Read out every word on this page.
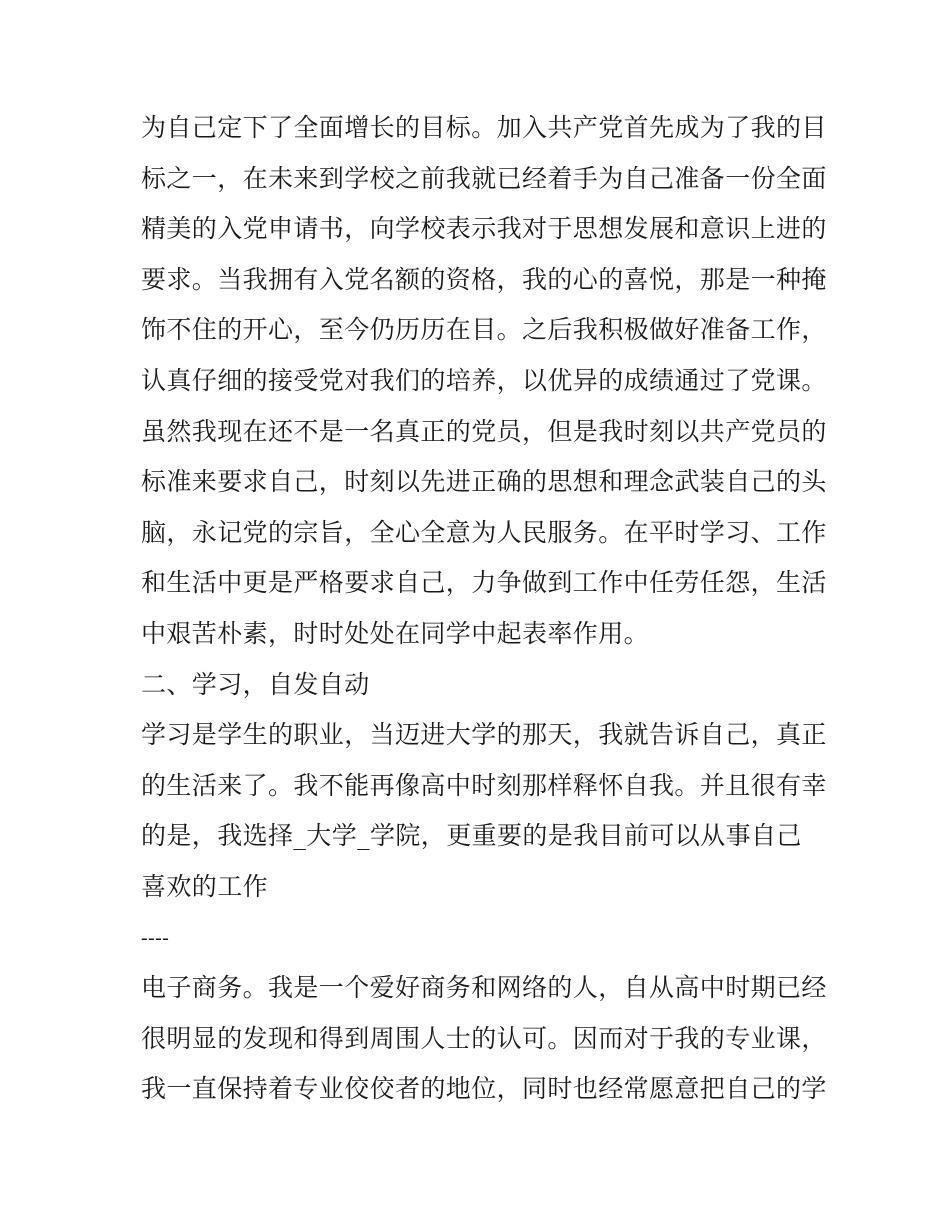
为自己定下了全面增长的目标。加入共产党首先成为了我的目
标之一，在未来到学校之前我就已经着手为自己准备一份全面
精美的入党申请书，向学校表示我对于思想发展和意识上进的
要求。当我拥有入党名额的资格，我的心的喜悦，那是一种掩
饰不住的开心，至今仍历历在目。之后我积极做好准备工作，
认真仔细的接受党对我们的培养，以优异的成绩通过了党课。
虽然我现在还不是一名真正的党员，但是我时刻以共产党员的
标准来要求自己，时刻以先进正确的思想和理念武装自己的头
脑，永记党的宗旨，全心全意为人民服务。在平时学习、工作
和生活中更是严格要求自己，力争做到工作中任劳任怨，生活
中艰苦朴素，时时处处在同学中起表率作用。
二、学习，自发自动
学习是学生的职业，当迈进大学的那天，我就告诉自己，真正
的生活来了。我不能再像高中时刻那样释怀自我。并且很有幸
的是，我选择_大学_学院，更重要的是我目前可以从事自己
喜欢的工作
----
电子商务。我是一个爱好商务和网络的人，自从高中时期已经
很明显的发现和得到周围人士的认可。因而对于我的专业课，
我一直保持着专业佼佼者的地位，同时也经常愿意把自己的学
